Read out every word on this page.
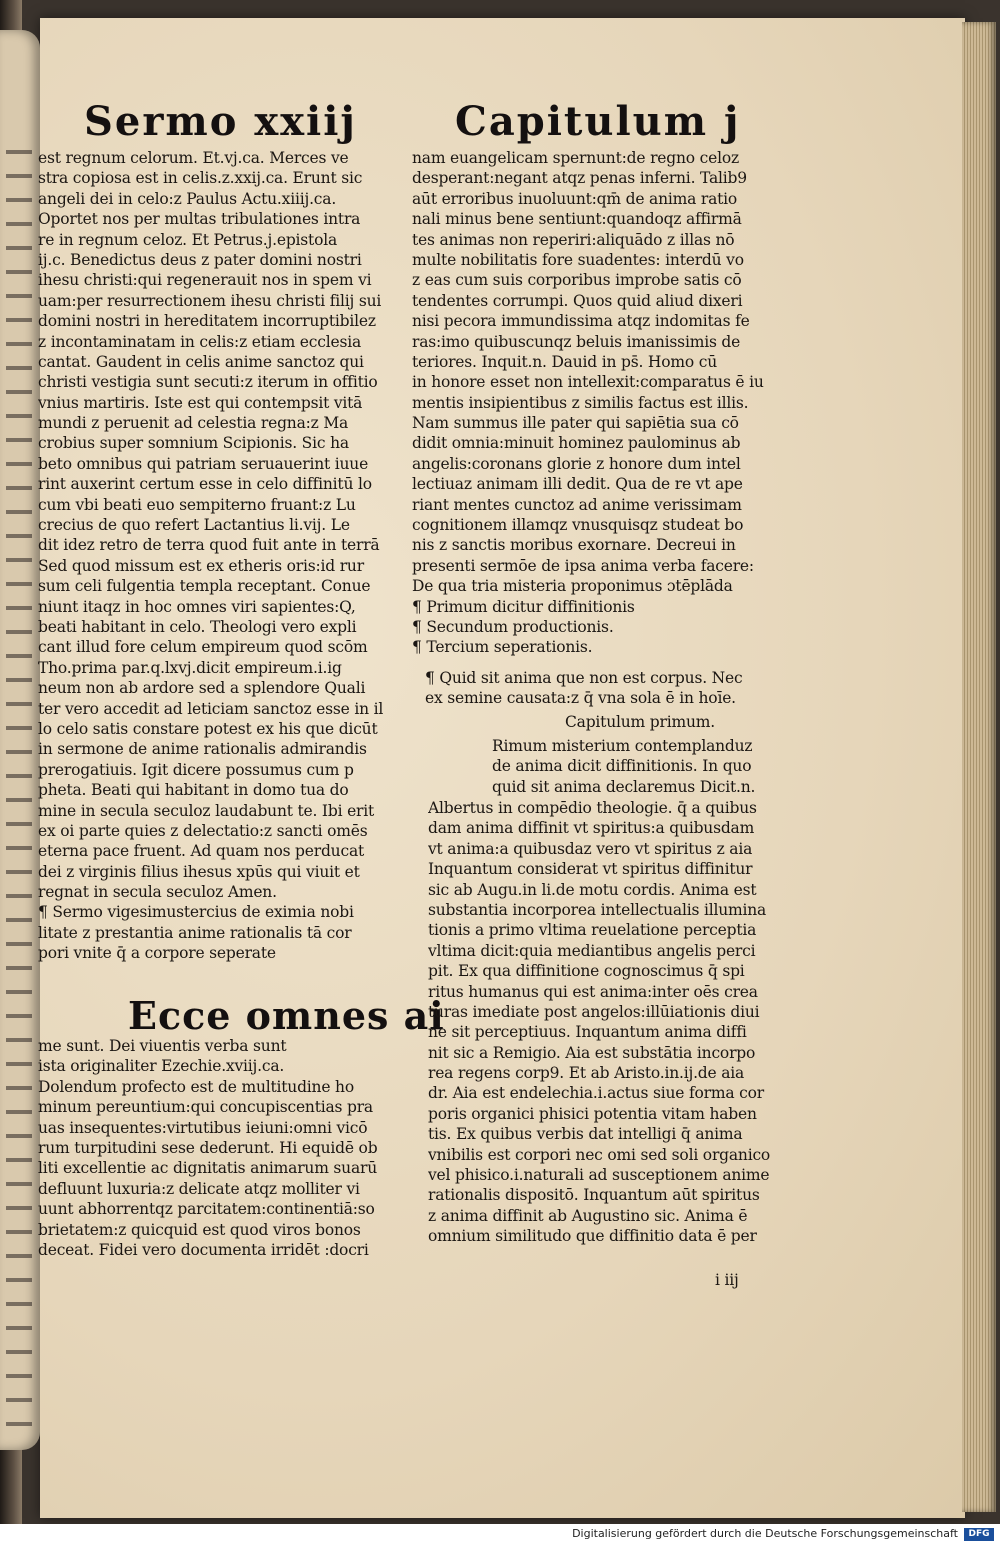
Sermo xxiij Capitulum j
est regnum celorum. Et.vj.ca. Merces ve
stra copiosa est in celis.z.xxij.ca. Erunt sic
angeli dei in celo:z Paulus Actu.xiiij.ca.
Oportet nos per multas tribulationes intra
re in regnum celoz. Et Petrus.j.epistola
ij.c. Benedictus deus z pater domini nostri
ihesu christi:qui regenerauit nos in spem vi
uam:per resurrectionem ihesu christi filij sui
domini nostri in hereditatem incorruptibilez
z incontaminatam in celis:z etiam ecclesia
cantat. Gaudent in celis anime sanctoz qui
christi vestigia sunt secuti:z iterum in offitio
vnius martiris. Iste est qui contempsit vitā
mundi z peruenit ad celestia regna:z Ma
crobius super somnium Scipionis. Sic ha
beto omnibus qui patriam seruauerint iuue
rint auxerint certum esse in celo diffinitū lo
cum vbi beati euo sempiterno fruant:z Lu
crecius de quo refert Lactantius li.vij. Le
dit idez retro de terra quod fuit ante in terrā
Sed quod missum est ex etheris oris:id rur
sum celi fulgentia templa receptant. Conue
niunt itaqz in hoc omnes viri sapientes:Q,
beati habitant in celo. Theologi vero expli
cant illud fore celum empireum quod scōm
Tho.prima par.q.lxvj.dicit empireum.i.ig
neum non ab ardore sed a splendore Quali
ter vero accedit ad leticiam sanctoz esse in il
lo celo satis constare potest ex his que dicūt
in sermone de anime rationalis admirandis
prerogatiuis. Igit dicere possumus cum p
pheta. Beati qui habitant in domo tua do
mine in secula seculoz laudabunt te. Ibi erit
ex oi parte quies z delectatio:z sancti omēs
eterna pace fruent. Ad quam nos perducat
dei z virginis filius ihesus xpūs qui viuit et
regnat in secula seculoz Amen.
¶ Sermo vigesimustercius de eximia nobi
litate z prestantia anime rationalis tā cor
pori vnite q̄ a corpore seperate
Ecce omnes ai
me sunt. Dei viuentis verba sunt
ista originaliter Ezechie.xviij.ca.
Dolendum profecto est de multitudine ho
minum pereuntium:qui concupiscentias pra
uas insequentes:virtutibus ieiuni:omni vicō
rum turpitudini sese dederunt. Hi equidē ob
liti excellentie ac dignitatis animarum suarū
defluunt luxuria:z delicate atqz molliter vi
uunt abhorrentqz parcitatem:continentiā:so
brietatem:z quicquid est quod viros bonos
deceat. Fidei vero documenta irridēt :docri
nam euangelicam spernunt:de regno celoz
desperant:negant atqz penas inferni. Talib9
aūt erroribus inuoluunt:qm̄ de anima ratio
nali minus bene sentiunt:quandoqz affirmā
tes animas non reperiri:aliquādo z illas nō
multe nobilitatis fore suadentes: interdū vo
z eas cum suis corporibus improbe satis cō
tendentes corrumpi. Quos quid aliud dixeri
nisi pecora immundissima atqz indomitas fe
ras:imo quibuscunqz beluis imanissimis de
teriores. Inquit.n. Dauid in ps̄. Homo cū
in honore esset non intellexit:comparatus ē iu
mentis insipientibus z similis factus est illis.
Nam summus ille pater qui sapiētia sua cō
didit omnia:minuit hominez paulominus ab
angelis:coronans glorie z honore dum intel
lectiuaz animam illi dedit. Qua de re vt ape
riant mentes cunctoz ad anime verissimam
cognitionem illamqz vnusquisqz studeat bo
nis z sanctis moribus exornare. Decreui in
presenti sermōe de ipsa anima verba facere:
De qua tria misteria proponimus ɔtēplāda
¶ Primum dicitur diffinitionis
¶ Secundum productionis.
¶ Tercium seperationis.
¶ Quid sit anima que non est corpus. Nec
ex semine causata:z q̄ vna sola ē in hoīe.
Capitulum primum.
Rimum misterium contemplanduz
de anima dicit diffinitionis. In quo
quid sit anima declaremus Dicit.n.
Albertus in compēdio theologie. q̄ a quibus
dam anima diffinit vt spiritus:a quibusdam
vt anima:a quibusdaz vero vt spiritus z aia
Inquantum considerat vt spiritus diffinitur
sic ab Augu.in li.de motu cordis. Anima est
substantia incorporea intellectualis illumina
tionis a primo vltima reuelatione perceptia
vltima dicit:quia mediantibus angelis perci
pit. Ex qua diffinitione cognoscimus q̄ spi
ritus humanus qui est anima:inter oēs crea
turas imediate post angelos:illūiationis diui
ne sit perceptiuus. Inquantum anima diffi
nit sic a Remigio. Aia est substātia incorpo
rea regens corp9. Et ab Aristo.in.ij.de aia
dr. Aia est endelechia.i.actus siue forma cor
poris organici phisici potentia vitam haben
tis. Ex quibus verbis dat intelligi q̄ anima
vnibilis est corpori nec omi sed soli organico
vel phisico.i.naturali ad susceptionem anime
rationalis dispositō. Inquantum aūt spiritus
z anima diffinit ab Augustino sic. Anima ē
omnium similitudo que diffinitio data ē per
i iij
Digitalisierung gefördert durch die Deutsche Forschungsgemeinschaft	DFG
